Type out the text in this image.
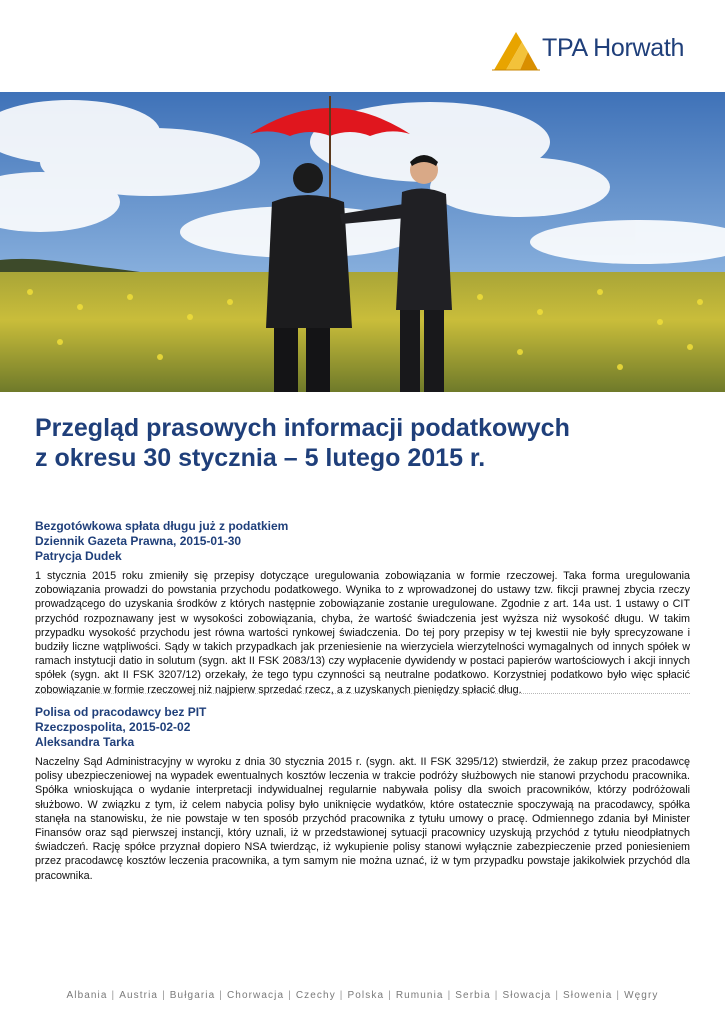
TPA Horwath
Przegląd prasowych informacji podatkowych
z okresu 30 stycznia – 5 lutego 2015 r.
Bezgotówkowa spłata długu już z podatkiem
Dziennik Gazeta Prawna, 2015-01-30
Patrycja Dudek

1 stycznia 2015 roku zmieniły się przepisy dotyczące uregulowania zobowiązania w formie rzeczowej. Taka forma uregulowania zobowiązania prowadzi do powstania przychodu podatkowego. Wynika to z wprowadzonej do ustawy tzw. fikcji prawnej zbycia rzeczy prowadzącego do uzyskania środków z których następnie zobowiązanie zostanie uregulowane. Zgodnie z art. 14a ust. 1 ustawy o CIT przychód rozpoznawany jest w wysokości zobowiązania, chyba, że wartość świadczenia jest wyższa niż wysokość długu. W takim przypadku wysokość przychodu jest równa wartości rynkowej świadczenia. Do tej pory przepisy w tej kwestii nie były sprecyzowane i budziły liczne wątpliwości. Sądy w takich przypadkach jak przeniesienie na wierzyciela wierzytelności wymagalnych od innych spółek w ramach instytucji datio in solutum (sygn. akt II FSK 2083/13) czy wypłacenie dywidendy w postaci papierów wartościowych i akcji innych spółek (sygn. akt II FSK 3207/12) orzekały, że tego typu czynności są neutralne podatkowo. Korzystniej podatkowo było więc spłacić zobowiązanie w formie rzeczowej niż najpierw sprzedać rzecz, a z uzyskanych pieniędzy spłacić dług.

Polisa od pracodawcy bez PIT
Rzeczpospolita, 2015-02-02
Aleksandra Tarka

Naczelny Sąd Administracyjny w wyroku z dnia 30 stycznia 2015 r. (sygn. akt. II FSK 3295/12) stwierdził, że zakup przez pracodawcę polisy ubezpieczeniowej na wypadek ewentualnych kosztów leczenia w trakcie podróży służbowych nie stanowi przychodu pracownika. Spółka wnioskująca o wydanie interpretacji indywidualnej regularnie nabywała polisy dla swoich pracowników, którzy podróżowali służbowo. W związku z tym, iż celem nabycia polisy było uniknięcie wydatków, które ostatecznie spoczywają na pracodawcy, spółka stanęła na stanowisku, że nie powstaje w ten sposób przychód pracownika z tytułu umowy o pracę. Odmiennego zdania był Minister Finansów oraz sąd pierwszej instancji, który uznali, iż w przedstawionej sytuacji pracownicy uzyskują przychód z tytułu nieodpłatnych świadczeń. Rację spółce przyznał dopiero NSA twierdząc, iż wykupienie polisy stanowi wyłącznie zabezpieczenie przed poniesieniem przez pracodawcę kosztów leczenia pracownika, a tym samym nie można uznać, iż w tym przypadku powstaje jakikolwiek przychód dla pracownika.

Albania | Austria | Bułgaria | Chorwacja | Czechy | Polska | Rumunia | Serbia | Słowacja | Słowenia | Węgry
